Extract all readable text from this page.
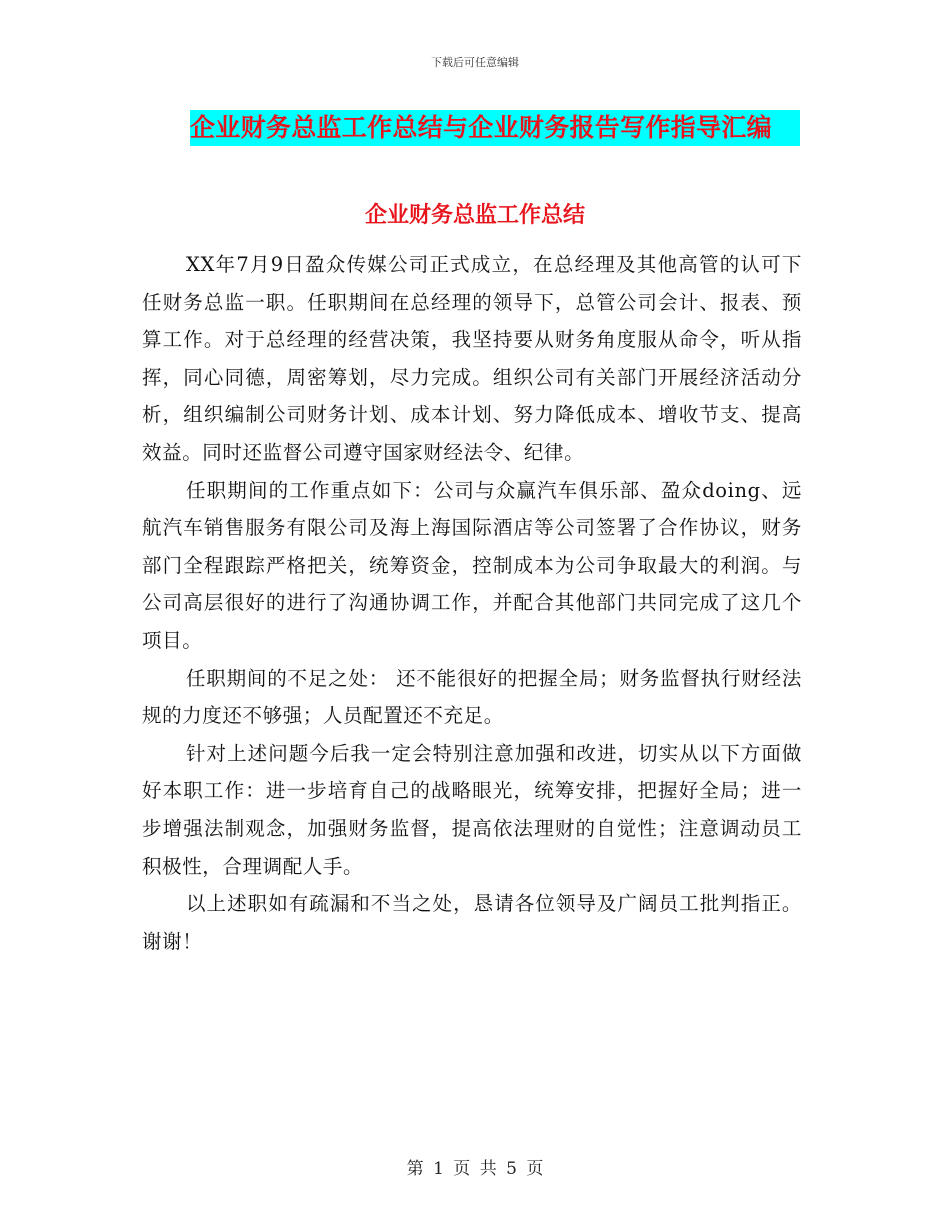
下载后可任意编辑
企业财务总监工作总结与企业财务报告写作指导汇编
企业财务总监工作总结

XX年7月9日盈众传媒公司正式成立，在总经理及其他高管的认可下任财务总监一职。任职期间在总经理的领导下，总管公司会计、报表、预算工作。对于总经理的经营决策，我坚持要从财务角度服从命令，听从指挥，同心同德，周密筹划，尽力完成。组织公司有关部门开展经济活动分析，组织编制公司财务计划、成本计划、努力降低成本、增收节支、提高效益。同时还监督公司遵守国家财经法令、纪律。

任职期间的工作重点如下：公司与众赢汽车俱乐部、盈众doing、远航汽车销售服务有限公司及海上海国际酒店等公司签署了合作协议，财务部门全程跟踪严格把关，统筹资金，控制成本为公司争取最大的利润。与公司高层很好的进行了沟通协调工作，并配合其他部门共同完成了这几个项目。

任职期间的不足之处： 还不能很好的把握全局；财务监督执行财经法规的力度还不够强；人员配置还不充足。

针对上述问题今后我一定会特别注意加强和改进，切实从以下方面做好本职工作：进一步培育自己的战略眼光，统筹安排，把握好全局；进一步增强法制观念，加强财务监督，提高依法理财的自觉性；注意调动员工积极性，合理调配人手。

以上述职如有疏漏和不当之处，恳请各位领导及广阔员工批判指正。谢谢！

第 1 页 共 5 页
